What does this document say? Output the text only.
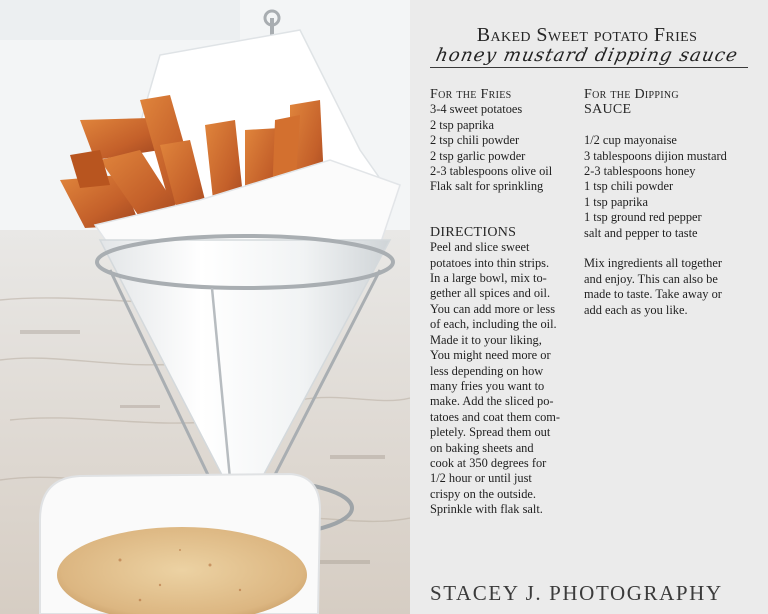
Baked Sweet potato Fries
honey mustard dipping sauce
For the Fries
3-4 sweet potatoes
2 tsp paprika
2 tsp chili powder
2 tsp garlic powder
2-3 tablespoons olive oil
Flak salt for sprinkling
DIRECTIONS
Peel and slice sweet
potatoes into thin strips.
In a large bowl, mix to-
gether all spices and oil.
You can add more or less
of each, including the oil.
Made it to your liking,
You might need more or
less depending on how
many fries you want to
make. Add the sliced po-
tatoes and coat them com-
pletely. Spread them out
on baking sheets and
cook at 350 degrees for
1/2 hour or until just
crispy on the outside.
Sprinkle with flak salt.
For the Dipping
SAUCE
1/2 cup mayonaise
3 tablespoons dijion mustard
2-3 tablespoons honey
1 tsp chili powder
1 tsp paprika
1 tsp ground red pepper
salt and pepper to taste
Mix ingredients all together
and enjoy. This can also be
made to taste. Take away or
add each as you like.
STACEY J. PHOTOGRAPHY
